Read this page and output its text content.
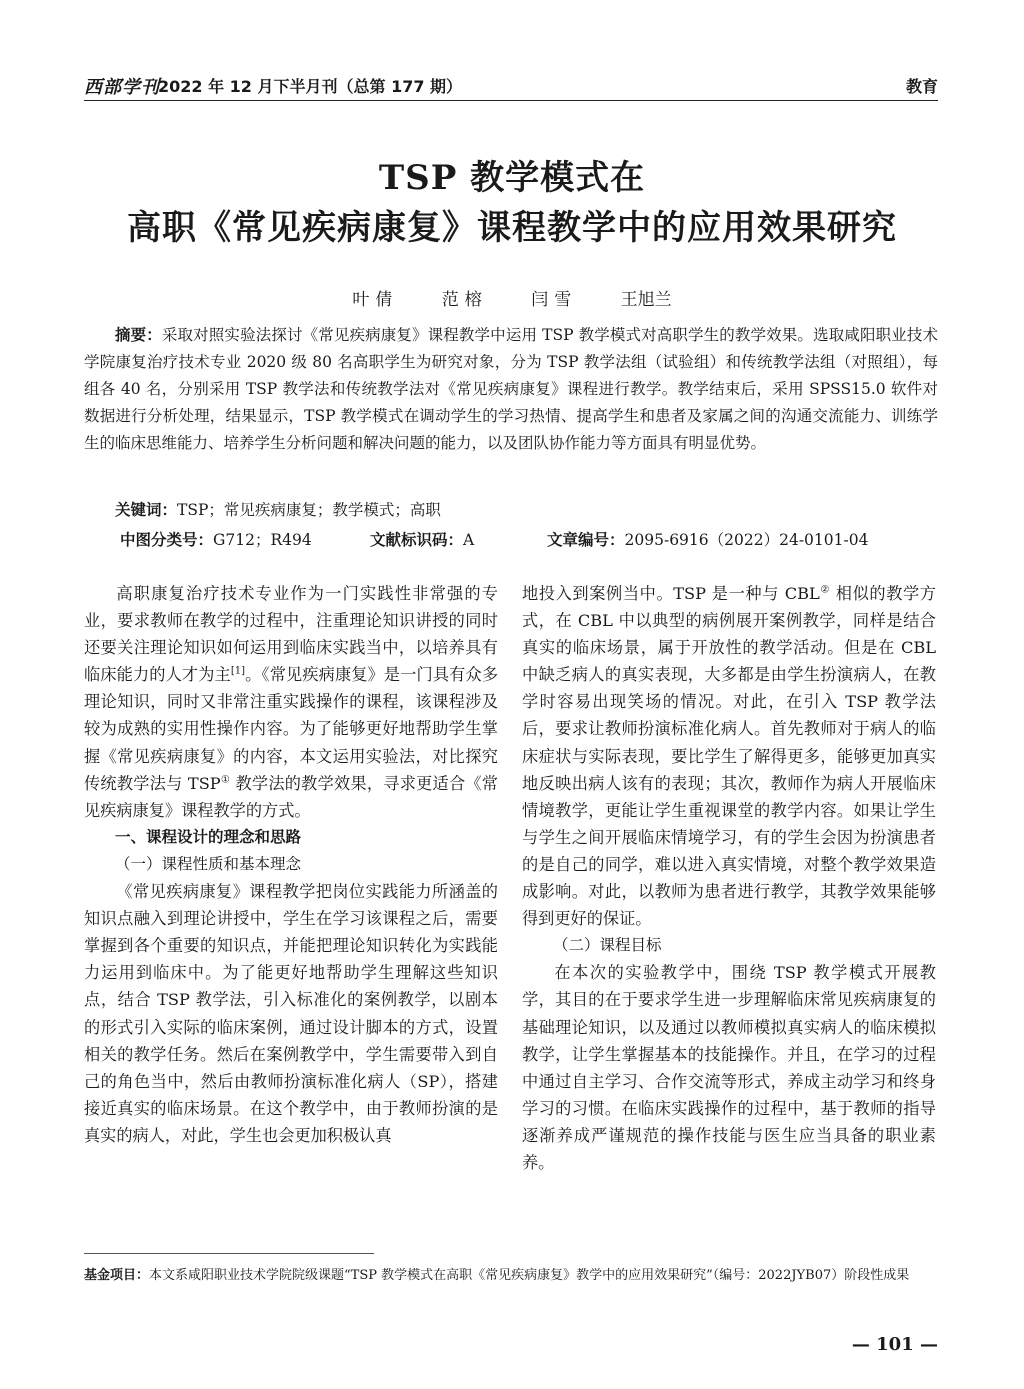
西部学刊
2022 年 12 月下半月刊（总第 177 期）	教育
TSP 教学模式在
高职《常见疾病康复》课程教学中的应用效果研究
叶倩	范榕	闫雪	王旭兰
摘要：采取对照实验法探讨《常见疾病康复》课程教学中运用 TSP 教学模式对高职学生的教学效果。选取咸阳职业技术学院康复治疗技术专业 2020 级 80 名高职学生为研究对象，分为 TSP 教学法组（试验组）和传统教学法组（对照组），每组各 40 名，分别采用 TSP 教学法和传统教学法对《常见疾病康复》课程进行教学。教学结束后，采用 SPSS15.0 软件对数据进行分析处理，结果显示，TSP 教学模式在调动学生的学习热情、提高学生和患者及家属之间的沟通交流能力、训练学生的临床思维能力、培养学生分析问题和解决问题的能力，以及团队协作能力等方面具有明显优势。
关键词：TSP；常见疾病康复；教学模式；高职
中图分类号：G712；R494	文献标识码：A	文章编号：2095-6916（2022）24-0101-04

高职康复治疗技术专业作为一门实践性非常强的专业，要求教师在教学的过程中，注重理论知识讲授的同时还要关注理论知识如何运用到临床实践当中，以培养具有临床能力的人才为主[1]。《常见疾病康复》是一门具有众多理论知识，同时又非常注重实践操作的课程，该课程涉及较为成熟的实用性操作内容。为了能够更好地帮助学生掌握《常见疾病康复》的内容，本文运用实验法，对比探究传统教学法与 TSP① 教学法的教学效果，寻求更适合《常见疾病康复》课程教学的方式。

一、课程设计的理念和思路
（一）课程性质和基本理念

《常见疾病康复》课程教学把岗位实践能力所涵盖的知识点融入到理论讲授中，学生在学习该课程之后，需要掌握到各个重要的知识点，并能把理论知识转化为实践能力运用到临床中。为了能更好地帮助学生理解这些知识点，结合 TSP 教学法，引入标准化的案例教学，以剧本的形式引入实际的临床案例，通过设计脚本的方式，设置相关的教学任务。然后在案例教学中，学生需要带入到自己的角色当中，然后由教师扮演标准化病人（SP），搭建接近真实的临床场景。在这个教学中，由于教师扮演的是真实的病人，对此，学生也会更加积极认真

地投入到案例当中。TSP 是一种与 CBL② 相似的教学方式，在 CBL 中以典型的病例展开案例教学，同样是结合真实的临床场景，属于开放性的教学活动。但是在 CBL 中缺乏病人的真实表现，大多都是由学生扮演病人，在教学时容易出现笑场的情况。对此，在引入 TSP 教学法后，要求让教师扮演标准化病人。首先教师对于病人的临床症状与实际表现，要比学生了解得更多，能够更加真实地反映出病人该有的表现；其次，教师作为病人开展临床情境教学，更能让学生重视课堂的教学内容。如果让学生与学生之间开展临床情境学习，有的学生会因为扮演患者的是自己的同学，难以进入真实情境，对整个教学效果造成影响。对此，以教师为患者进行教学，其教学效果能够得到更好的保证。

（二）课程目标

在本次的实验教学中，围绕 TSP 教学模式开展教学，其目的在于要求学生进一步理解临床常见疾病康复的基础理论知识，以及通过以教师模拟真实病人的临床模拟教学，让学生掌握基本的技能操作。并且，在学习的过程中通过自主学习、合作交流等形式，养成主动学习和终身学习的习惯。在临床实践操作的过程中，基于教师的指导逐渐养成严谨规范的操作技能与医生应当具备的职业素养。

基金项目：本文系咸阳职业技术学院院级课题“TSP 教学模式在高职《常见疾病康复》教学中的应用效果研究”（编号：2022JYB07）阶段性成果
— 101 —
